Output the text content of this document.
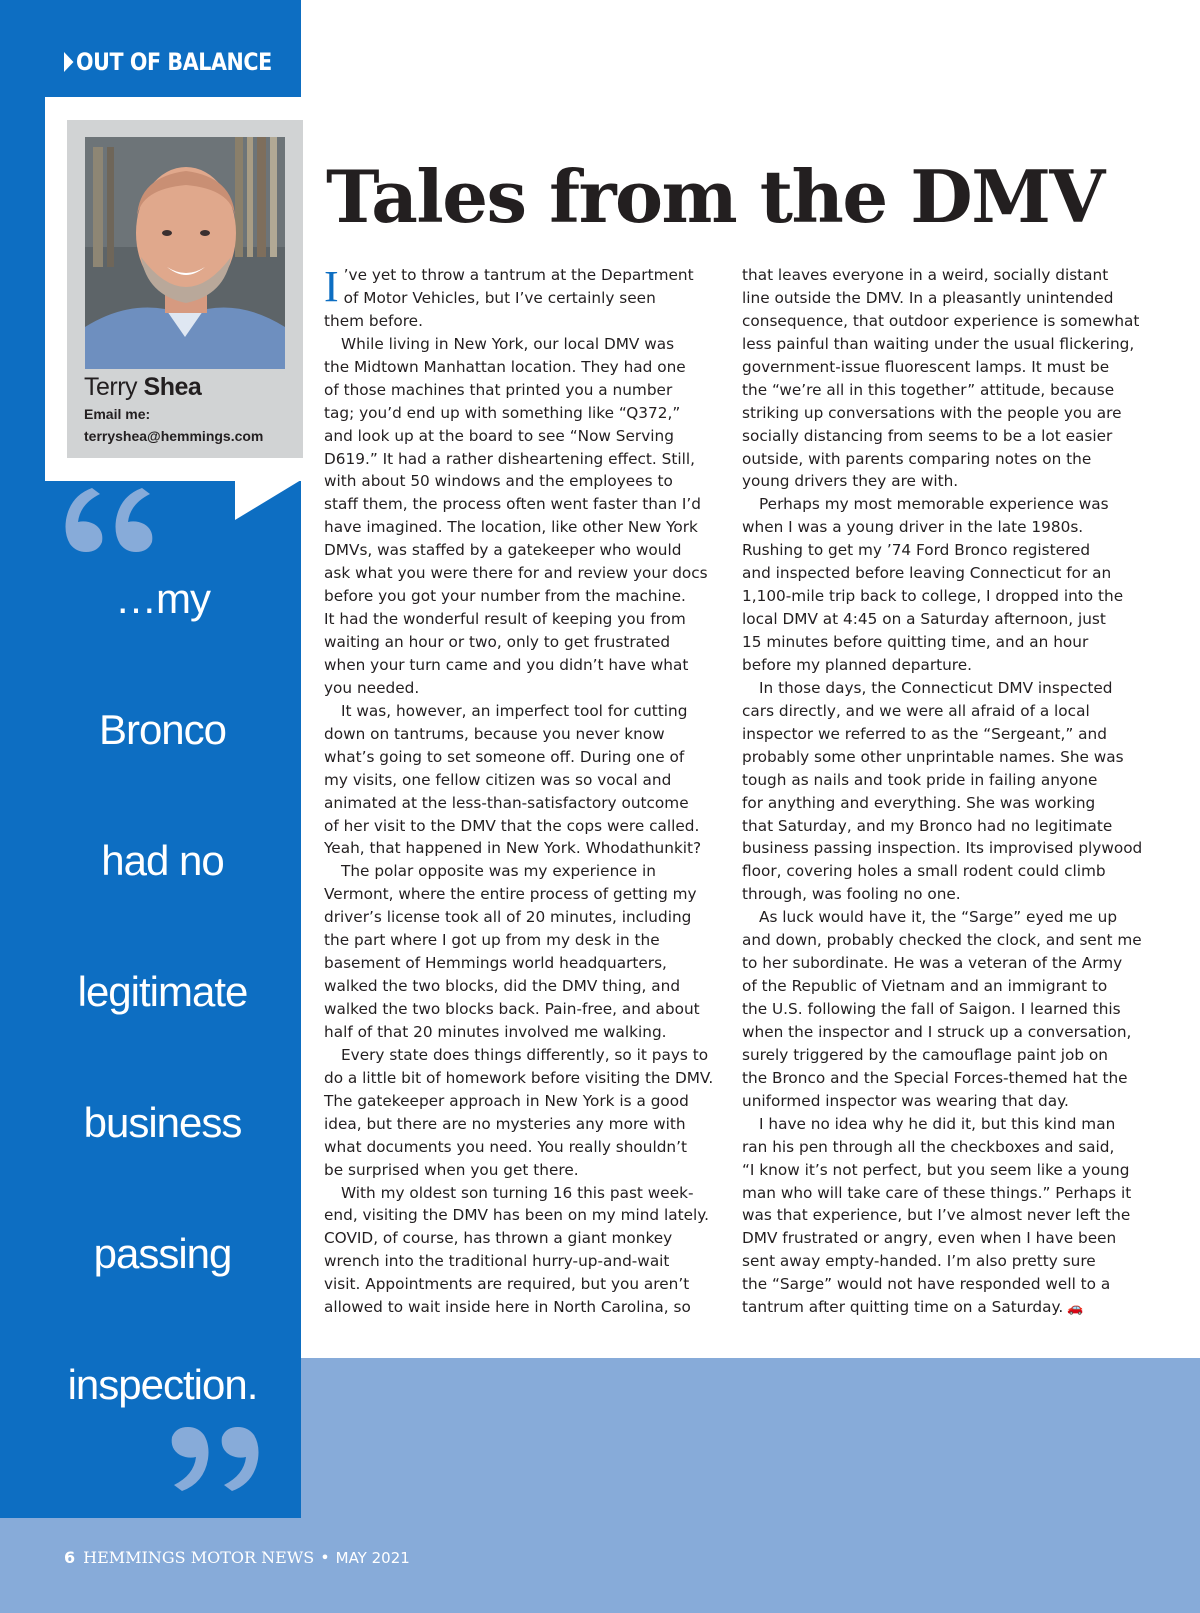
OUT OF BALANCE
Terry Shea
Email me:
terryshea@hemmings.com
…my
Bronco
had no
legitimate
business
passing
inspection.
Tales from the DMV
I ’ve yet to throw a tantrum at the Department
of Motor Vehicles, but I’ve certainly seen
them before.
While living in New York, our local DMV was
the Midtown Manhattan location. They had one
of those machines that printed you a number
tag; you’d end up with something like “Q372,”
and look up at the board to see “Now Serving
D619.” It had a rather disheartening effect. Still,
with about 50 windows and the employees to
staff them, the process often went faster than I’d
have imagined. The location, like other New York
DMVs, was staffed by a gatekeeper who would
ask what you were there for and review your docs
before you got your number from the machine.
It had the wonderful result of keeping you from
waiting an hour or two, only to get frustrated
when your turn came and you didn’t have what
you needed.
It was, however, an imperfect tool for cutting
down on tantrums, because you never know
what’s going to set someone off. During one of
my visits, one fellow citizen was so vocal and
animated at the less-than-satisfactory outcome
of her visit to the DMV that the cops were called.
Yeah, that happened in New York. Whodathunkit?
The polar opposite was my experience in
Vermont, where the entire process of getting my
driver’s license took all of 20 minutes, including
the part where I got up from my desk in the
basement of Hemmings world headquarters,
walked the two blocks, did the DMV thing, and
walked the two blocks back. Pain-free, and about
half of that 20 minutes involved me walking.
Every state does things differently, so it pays to
do a little bit of homework before visiting the DMV.
The gatekeeper approach in New York is a good
idea, but there are no mysteries any more with
what documents you need. You really shouldn’t
be surprised when you get there.
With my oldest son turning 16 this past week-
end, visiting the DMV has been on my mind lately.
COVID, of course, has thrown a giant monkey
wrench into the traditional hurry-up-and-wait
visit. Appointments are required, but you aren’t
allowed to wait inside here in North Carolina, so
that leaves everyone in a weird, socially distant
line outside the DMV. In a pleasantly unintended
consequence, that outdoor experience is somewhat
less painful than waiting under the usual flickering,
government-issue fluorescent lamps. It must be
the “we’re all in this together” attitude, because
striking up conversations with the people you are
socially distancing from seems to be a lot easier
outside, with parents comparing notes on the
young drivers they are with.
Perhaps my most memorable experience was
when I was a young driver in the late 1980s.
Rushing to get my ’74 Ford Bronco registered
and inspected before leaving Connecticut for an
1,100-mile trip back to college, I dropped into the
local DMV at 4:45 on a Saturday afternoon, just
15 minutes before quitting time, and an hour
before my planned departure.
In those days, the Connecticut DMV inspected
cars directly, and we were all afraid of a local
inspector we referred to as the “Sergeant,” and
probably some other unprintable names. She was
tough as nails and took pride in failing anyone
for anything and everything. She was working
that Saturday, and my Bronco had no legitimate
business passing inspection. Its improvised plywood
floor, covering holes a small rodent could climb
through, was fooling no one.
As luck would have it, the “Sarge” eyed me up
and down, probably checked the clock, and sent me
to her subordinate. He was a veteran of the Army
of the Republic of Vietnam and an immigrant to
the U.S. following the fall of Saigon. I learned this
when the inspector and I struck up a conversation,
surely triggered by the camouflage paint job on
the Bronco and the Special Forces-themed hat the
uniformed inspector was wearing that day.
I have no idea why he did it, but this kind man
ran his pen through all the checkboxes and said,
“I know it’s not perfect, but you seem like a young
man who will take care of these things.” Perhaps it
was that experience, but I’ve almost never left the
DMV frustrated or angry, even when I have been
sent away empty-handed. I’m also pretty sure
the “Sarge” would not have responded well to a
tantrum after quitting time on a Saturday. 🚗
6 HEMMINGS MOTOR NEWS • MAY 2021
